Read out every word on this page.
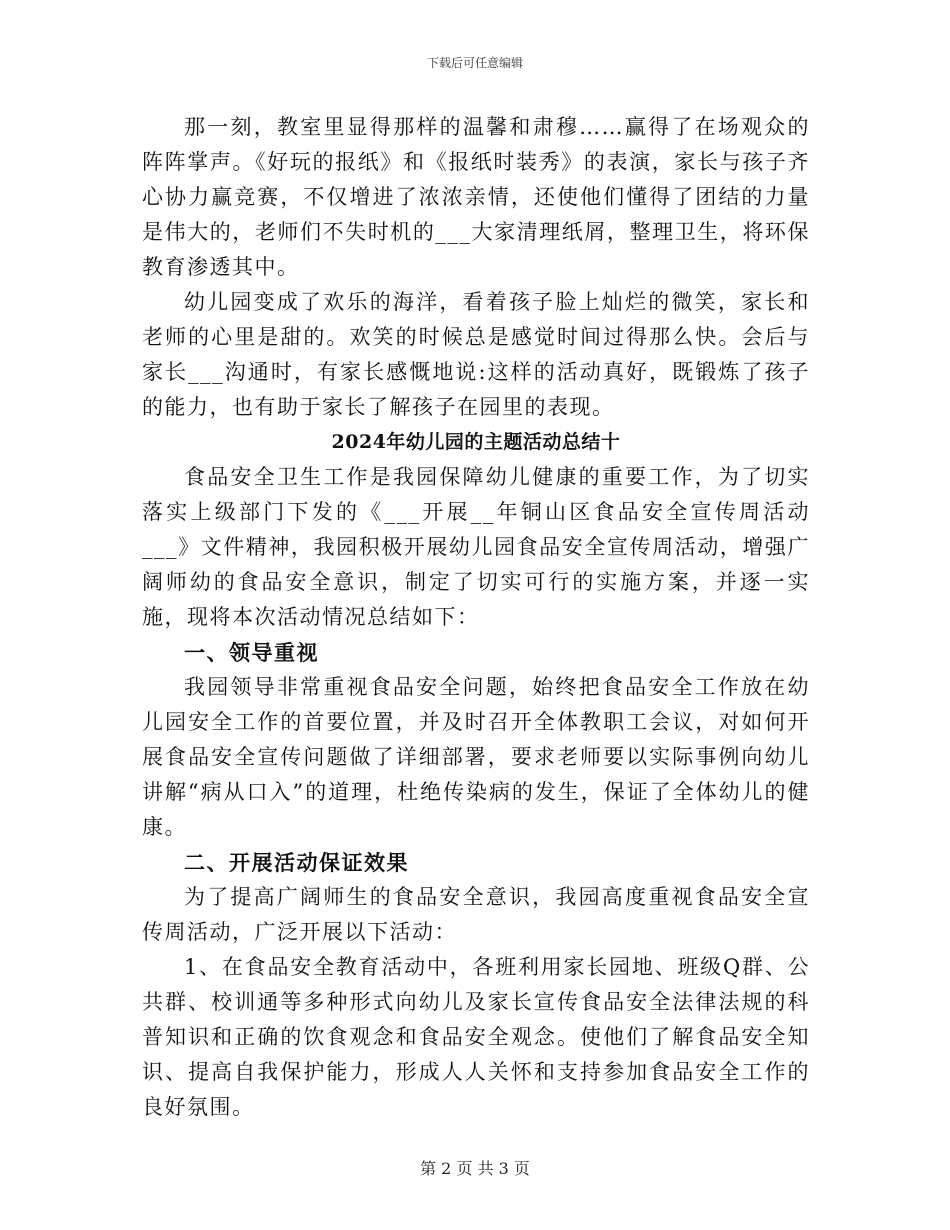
下载后可任意编辑

那一刻，教室里显得那样的温馨和肃穆……赢得了在场观众的阵阵掌声。《好玩的报纸》和《报纸时装秀》的表演，家长与孩子齐心协力赢竞赛，不仅增进了浓浓亲情，还使他们懂得了团结的力量是伟大的，老师们不失时机的___大家清理纸屑，整理卫生，将环保教育渗透其中。

幼儿园变成了欢乐的海洋，看着孩子脸上灿烂的微笑，家长和老师的心里是甜的。欢笑的时候总是感觉时间过得那么快。会后与家长___沟通时，有家长感慨地说:这样的活动真好，既锻炼了孩子的能力，也有助于家长了解孩子在园里的表现。

2024年幼儿园的主题活动总结十

食品安全卫生工作是我园保障幼儿健康的重要工作，为了切实落实上级部门下发的《___开展__年铜山区食品安全宣传周活动___》文件精神，我园积极开展幼儿园食品安全宣传周活动，增强广阔师幼的食品安全意识，制定了切实可行的实施方案，并逐一实施，现将本次活动情况总结如下：

一、领导重视

我园领导非常重视食品安全问题，始终把食品安全工作放在幼儿园安全工作的首要位置，并及时召开全体教职工会议，对如何开展食品安全宣传问题做了详细部署，要求老师要以实际事例向幼儿讲解“病从口入”的道理，杜绝传染病的发生，保证了全体幼儿的健康。

二、开展活动保证效果

为了提高广阔师生的食品安全意识，我园高度重视食品安全宣传周活动，广泛开展以下活动：

1、在食品安全教育活动中，各班利用家长园地、班级Q群、公共群、校训通等多种形式向幼儿及家长宣传食品安全法律法规的科普知识和正确的饮食观念和食品安全观念。使他们了解食品安全知识、提高自我保护能力，形成人人关怀和支持参加食品安全工作的良好氛围。

第 2 页 共 3 页
